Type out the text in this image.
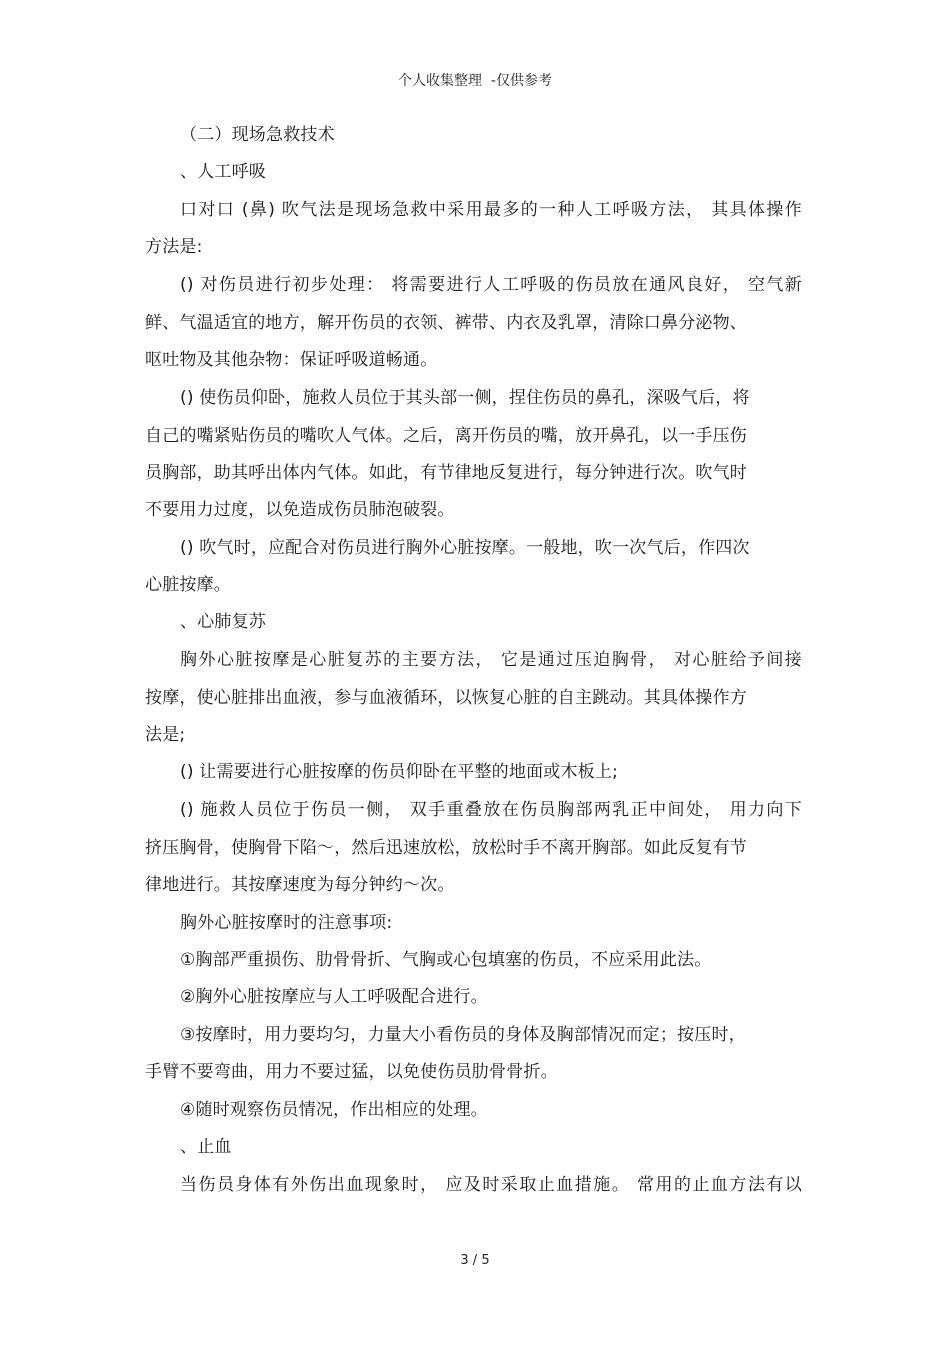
个人收集整理  -仅供参考
（二）现场急救技术
、人工呼吸
口对口 (鼻) 吹气法是现场急救中采用最多的一种人工呼吸方法， 其具体操作
方法是:
() 对伤员进行初步处理： 将需要进行人工呼吸的伤员放在通风良好， 空气新
鲜、气温适宜的地方，解开伤员的衣领、裤带、内衣及乳罩，清除口鼻分泌物、
呕吐物及其他杂物：保证呼吸道畅通。
() 使伤员仰卧，施救人员位于其头部一侧，捏住伤员的鼻孔，深吸气后，将
自己的嘴紧贴伤员的嘴吹人气体。之后，离开伤员的嘴，放开鼻孔，以一手压伤
员胸部，助其呼出体内气体。如此，有节律地反复进行，每分钟进行次。吹气时
不要用力过度，以免造成伤员肺泡破裂。
() 吹气时，应配合对伤员进行胸外心脏按摩。一般地，吹一次气后，作四次
心脏按摩。
、心肺复苏
胸外心脏按摩是心脏复苏的主要方法， 它是通过压迫胸骨， 对心脏给予间接
按摩，使心脏排出血液，参与血液循环，以恢复心脏的自主跳动。其具体操作方
法是;
() 让需要进行心脏按摩的伤员仰卧在平整的地面或木板上;
() 施救人员位于伤员一侧， 双手重叠放在伤员胸部两乳正中间处， 用力向下
挤压胸骨，使胸骨下陷～，然后迅速放松，放松时手不离开胸部。如此反复有节
律地进行。其按摩速度为每分钟约～次。
胸外心脏按摩时的注意事项:
①胸部严重损伤、肋骨骨折、气胸或心包填塞的伤员，不应采用此法。
②胸外心脏按摩应与人工呼吸配合进行。
③按摩时，用力要均匀，力量大小看伤员的身体及胸部情况而定；按压时，
手臂不要弯曲，用力不要过猛，以免使伤员肋骨骨折。
④随时观察伤员情况，作出相应的处理。
、止血
当伤员身体有外伤出血现象时， 应及时采取止血措施。 常用的止血方法有以
3 / 5
